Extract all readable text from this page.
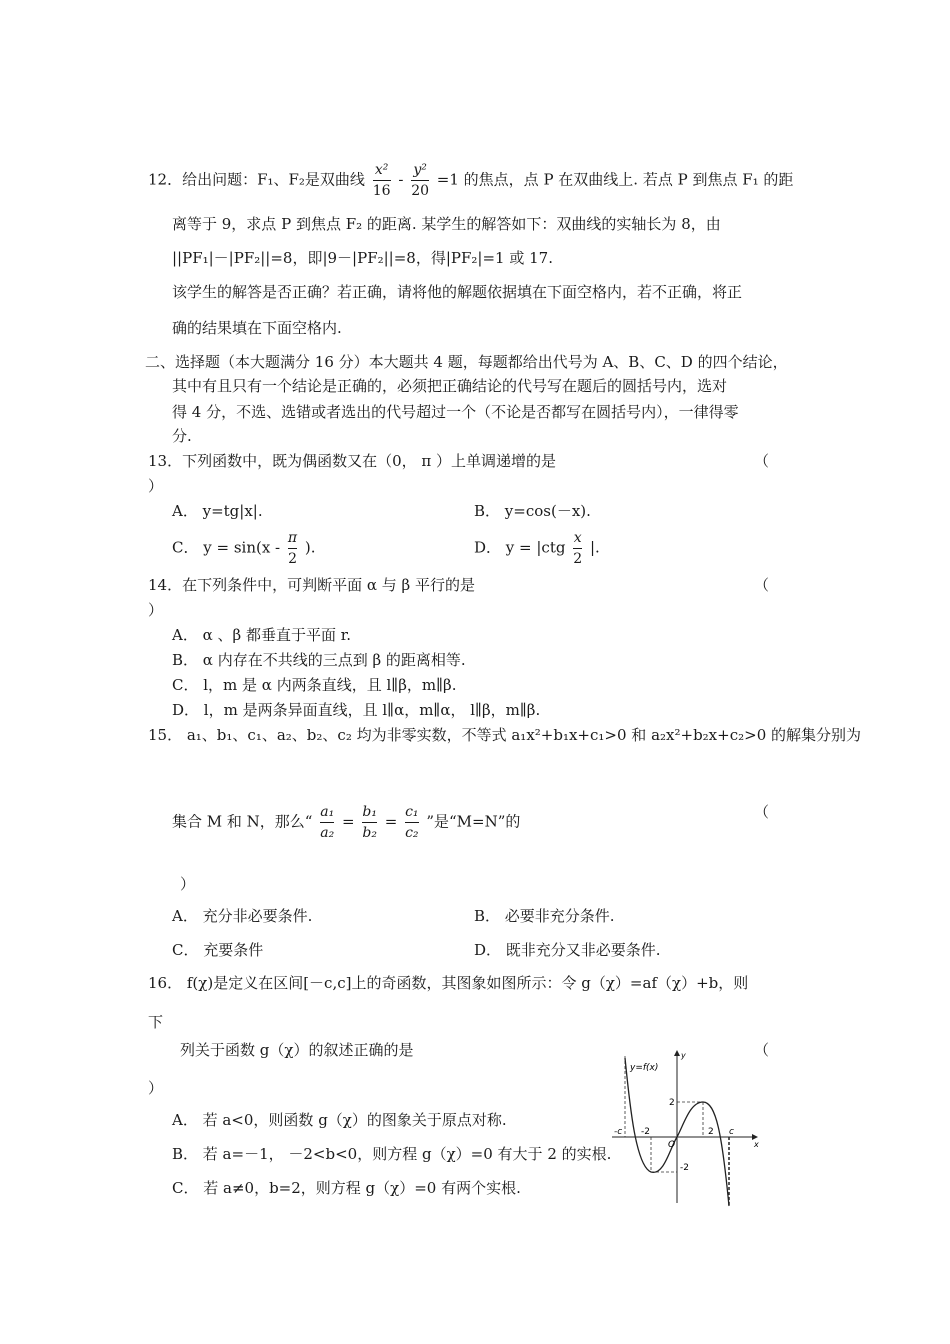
12．给出问题：F₁、F₂是双曲线 $\frac{\text{x²}}{16} - \frac{\text{y²}}{20} =1$ 的焦点，点 P 在双曲线上. 若点 P 到焦点 F₁ 的距
离等于 9，求点 P 到焦点 F₂ 的距离. 某学生的解答如下：双曲线的实轴长为 8，由
||PF₁|－|PF₂||=8，即|9－|PF₂||=8，得|PF₂|=1 或 17.
该学生的解答是否正确？若正确，请将他的解题依据填在下面空格内，若不正确，将正
确的结果填在下面空格内.
二、选择题（本大题满分 16 分）本大题共 4 题，每题都给出代号为 A、B、C、D 的四个结论，
其中有且只有一个结论是正确的，必须把正确结论的代号写在题后的圆括号内，选对
得 4 分，不选、选错或者选出的代号超过一个（不论是否都写在圆括号内），一律得零
分.
13．下列函数中，既为偶函数又在（0， π ）上单调递增的是	（
）
A． y=tg|x|.	B． y=cos(－x).
C． $y = \sin(x - \frac{\pi}{2}$ ).	D． $y = |ctg \frac{x}{2}$ |.
14．在下列条件中，可判断平面 α 与 β 平行的是	（
）
A． α 、β 都垂直于平面 r.
B． α 内存在不共线的三点到 β 的距离相等.
C． l，m 是 α 内两条直线，且 l∥β，m∥β.
D． l，m 是两条异面直线，且 l∥α，m∥α， l∥β，m∥β.
15． a₁、b₁、c₁、a₂、b₂、c₂ 均为非零实数，不等式 a₁x²+b₁x+c₁>0 和 a₂x²+b₂x+c₂>0 的解集分别为
集合 M 和 N，那么“ $\frac{\text{a₁}}{\text{a₂}} = \frac{\text{b₁}}{\text{b₂}} = \frac{\text{c₁}}{\text{c₂}}$ ”是“M=N”的
（
）
A． 充分非必要条件.	B． 必要非充分条件.
C． 充要条件	D． 既非充分又非必要条件.
16． f(χ)是定义在区间[－c,c]上的奇函数，其图象如图所示：令 g（χ）=af（χ）+b，则
下
列关于函数 g（χ）的叙述正确的是	（
）
A． 若 a<0，则函数 g（χ）的图象关于原点对称.
B． 若 a=－1， －2<b<0，则方程 g（χ）=0 有大于 2 的实根.
C． 若 a≠0，b=2，则方程 g（χ）=0 有两个实根.
y=f(x)
y
x
O
2
-2
-2	2 c
-c
